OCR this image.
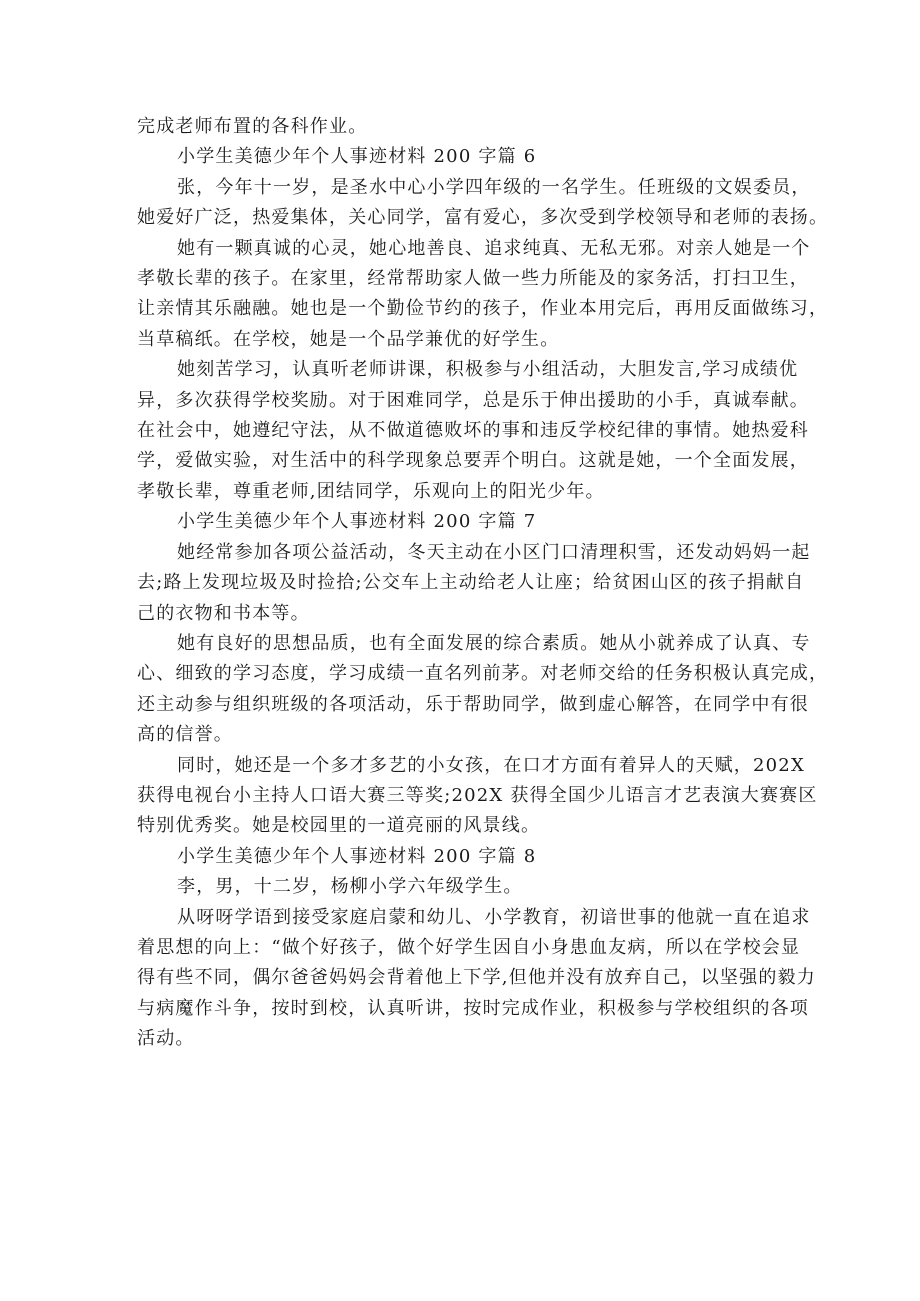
完成老师布置的各科作业。
小学生美德少年个人事迹材料 200 字篇 6
张，今年十一岁，是圣水中心小学四年级的一名学生。任班级的文娱委员，
她爱好广泛，热爱集体，关心同学，富有爱心，多次受到学校领导和老师的表扬。
她有一颗真诚的心灵，她心地善良、追求纯真、无私无邪。对亲人她是一个
孝敬长辈的孩子。在家里，经常帮助家人做一些力所能及的家务活，打扫卫生，
让亲情其乐融融。她也是一个勤俭节约的孩子，作业本用完后，再用反面做练习，
当草稿纸。在学校，她是一个品学兼优的好学生。
她刻苦学习，认真听老师讲课，积极参与小组活动，大胆发言,学习成绩优
异，多次获得学校奖励。对于困难同学，总是乐于伸出援助的小手，真诚奉献。
在社会中，她遵纪守法，从不做道德败坏的事和违反学校纪律的事情。她热爱科
学，爱做实验，对生活中的科学现象总要弄个明白。这就是她，一个全面发展，
孝敬长辈，尊重老师,团结同学，乐观向上的阳光少年。
小学生美德少年个人事迹材料 200 字篇 7
她经常参加各项公益活动，冬天主动在小区门口清理积雪，还发动妈妈一起
去;路上发现垃圾及时捡拾;公交车上主动给老人让座；给贫困山区的孩子捐献自
己的衣物和书本等。
她有良好的思想品质，也有全面发展的综合素质。她从小就养成了认真、专
心、细致的学习态度，学习成绩一直名列前茅。对老师交给的任务积极认真完成，
还主动参与组织班级的各项活动，乐于帮助同学，做到虚心解答，在同学中有很
高的信誉。
同时，她还是一个多才多艺的小女孩，在口才方面有着异人的天赋，202X
获得电视台小主持人口语大赛三等奖;202X 获得全国少儿语言才艺表演大赛赛区
特别优秀奖。她是校园里的一道亮丽的风景线。
小学生美德少年个人事迹材料 200 字篇 8
李，男，十二岁，杨柳小学六年级学生。
从呀呀学语到接受家庭启蒙和幼儿、小学教育，初谙世事的他就一直在追求
着思想的向上：“做个好孩子，做个好学生因自小身患血友病，所以在学校会显
得有些不同，偶尔爸爸妈妈会背着他上下学,但他并没有放弃自己，以坚强的毅力
与病魔作斗争，按时到校，认真听讲，按时完成作业，积极参与学校组织的各项
活动。
